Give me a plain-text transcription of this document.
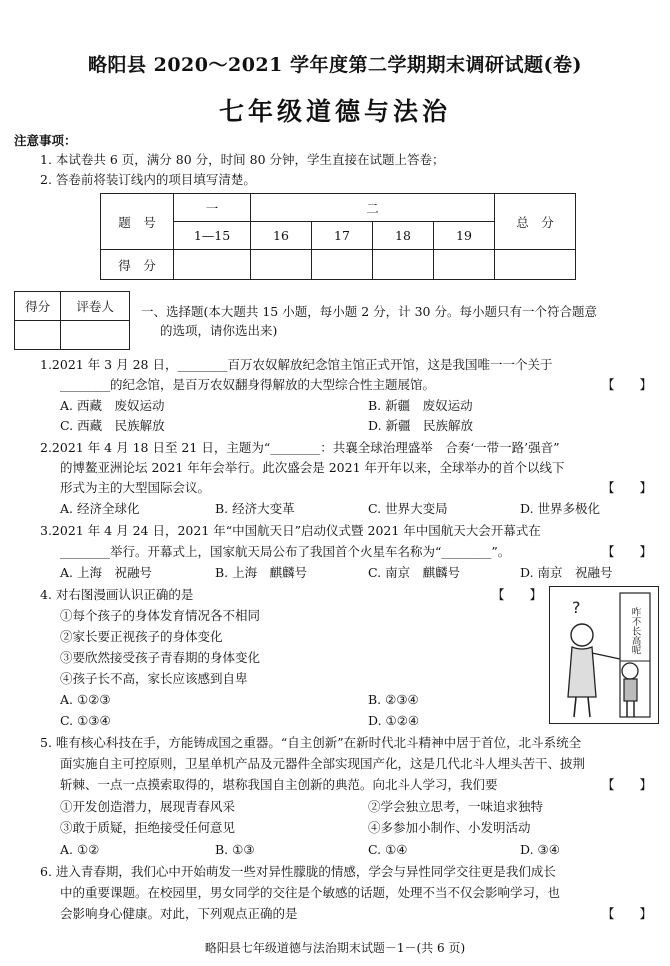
略阳县 2020～2021 学年度第二学期期末调研试题(卷)
七年级道德与法治
注意事项：
1. 本试卷共 6 页，满分 80 分，时间 80 分钟，学生直接在试题上答卷；
2. 答卷前将装订线内的项目填写清楚。
题　号	一	二				总　分
	1—15	16	17	18	19	
得　分						
得分	评卷人
	一、选择题(本大题共 15 小题，每小题 2 分，计 30 分。每小题只有一个符合题意
的选项，请你选出来)
1.2021 年 3 月 28 日，________百万农奴解放纪念馆主馆正式开馆，这是我国唯一一个关于
________的纪念馆，是百万农奴翻身得解放的大型综合性主题展馆。	【　　】
A. 西藏　废奴运动	B. 新疆　废奴运动
C. 西藏　民族解放	D. 新疆　民族解放
2.2021 年 4 月 18 日至 21 日，主题为“________：共襄全球治理盛举　合奏‘一带一路’强音”
的博鳌亚洲论坛 2021 年年会举行。此次盛会是 2021 年开年以来，全球举办的首个以线下
形式为主的大型国际会议。
A. 经济全球化	B. 经济大变革	C. 世界大变局	D. 世界多极化
【　　】
3.2021 年 4 月 24 日，2021 年“中国航天日”启动仪式暨 2021 年中国航天大会开幕式在
________举行。开幕式上，国家航天局公布了我国首个火星车名称为“________”。	【　　】
A. 上海　祝融号	B. 上海　麒麟号	C. 南京　麒麟号	D. 南京　祝融号
4. 对右图漫画认识正确的是	【　　】
①每个孩子的身体发育情况各不相同
②家长要正视孩子的身体变化
③要欣然接受孩子青春期的身体变化
④孩子长不高，家长应该感到自卑
A. ①②③	B. ②③④
C. ①③④	D. ①②④
?	咋不长高呢
5. 唯有核心科技在手，方能铸成国之重器。“自主创新”在新时代北斗精神中居于首位，北斗系统全
面实施自主可控原则，卫星单机产品及元器件全部实现国产化，这是几代北斗人埋头苦干、披荆
斩棘、一点一点摸索取得的，堪称我国自主创新的典范。向北斗人学习，我们要
①开发创造潜力，展现青春风采	②学会独立思考，一味追求独特
③敢于质疑，拒绝接受任何意见	④多参加小制作、小发明活动
A. ①②	B. ①③	C. ①④	D. ③④
【　　】
6. 进入青春期，我们心中开始萌发一些对异性朦胧的情感，学会与异性同学交往更是我们成长
中的重要课题。在校园里，男女同学的交往是个敏感的话题，处理不当不仅会影响学习，也
会影响身心健康。对此，下列观点正确的是	【　　】
略阳县七年级道德与法治期末试题－1－(共 6 页)
